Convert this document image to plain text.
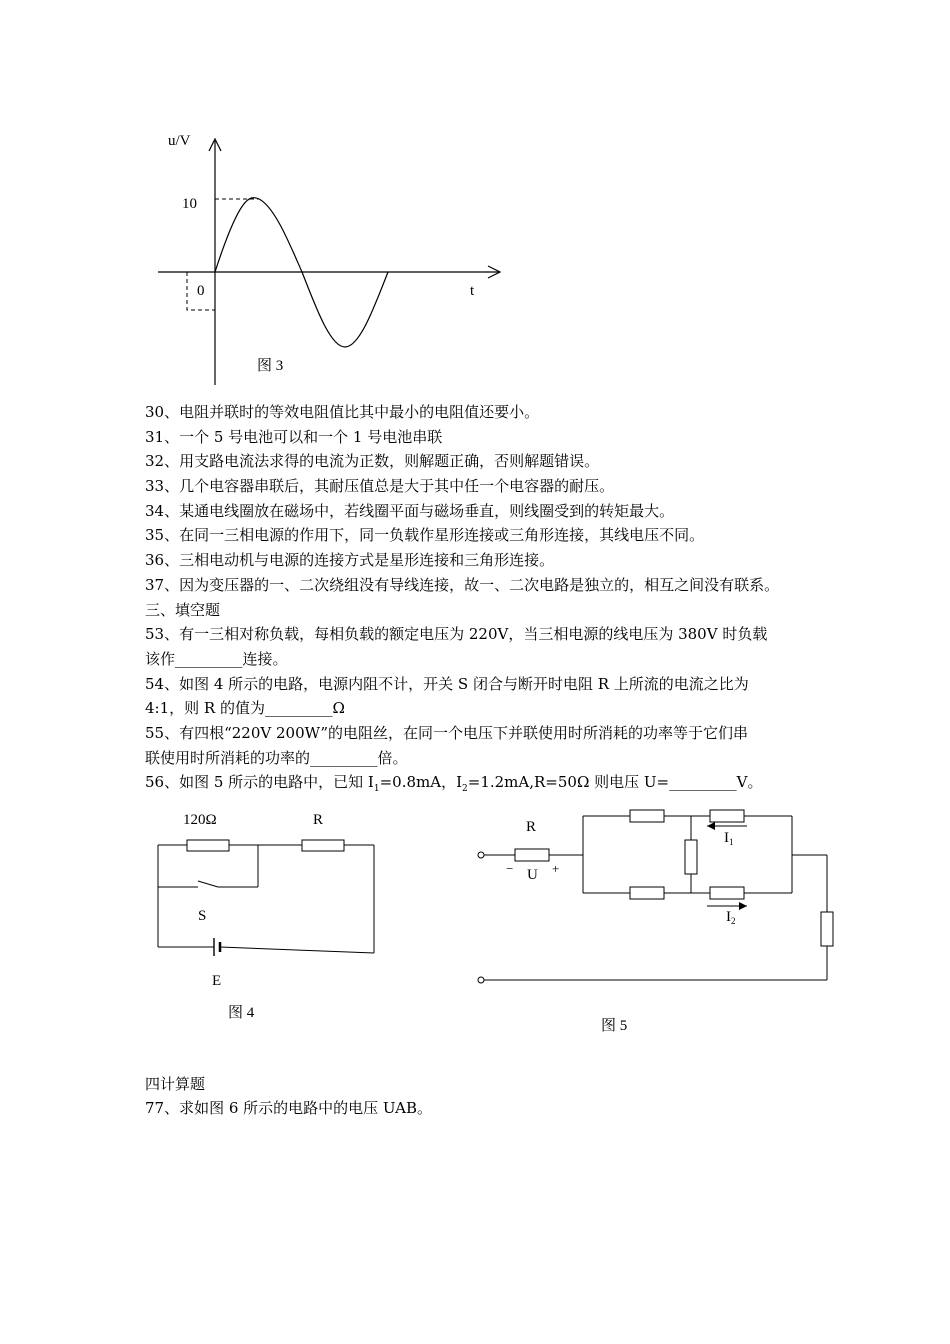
u/V
10
0	t
图 3
30、电阻并联时的等效电阻值比其中最小的电阻值还要小。
31、一个 5 号电池可以和一个 1 号电池串联
32、用支路电流法求得的电流为正数，则解题正确，否则解题错误。
33、几个电容器串联后，其耐压值总是大于其中任一个电容器的耐压。
34、某通电线圈放在磁场中，若线圈平面与磁场垂直，则线圈受到的转矩最大。
35、在同一三相电源的作用下，同一负载作星形连接或三角形连接，其线电压不同。
36、三相电动机与电源的连接方式是星形连接和三角形连接。
37、因为变压器的一、二次绕组没有导线连接，故一、二次电路是独立的，相互之间没有联系。
三、填空题
53、有一三相对称负载，每相负载的额定电压为 220V，当三相电源的线电压为 380V 时负载
该作_________连接。
54、如图 4 所示的电路，电源内阻不计，开关 S 闭合与断开时电阻 R 上所流的电流之比为
4:1，则 R 的值为_________Ω
55、有四根“220V 200W”的电阻丝，在同一个电压下并联使用时所消耗的功率等于它们串
联使用时所消耗的功率的_________倍。
56、如图 5 所示的电路中，已知 $I_1=0.8mA$，$I_2=1.2mA,R=50\Omega$ 则电压 U=_________V。
120Ω	R
S
E
图 4
R
− U +
$I_1$
$I_2$
图 5
四计算题
77、求如图 6 所示的电路中的电压 UAB。
